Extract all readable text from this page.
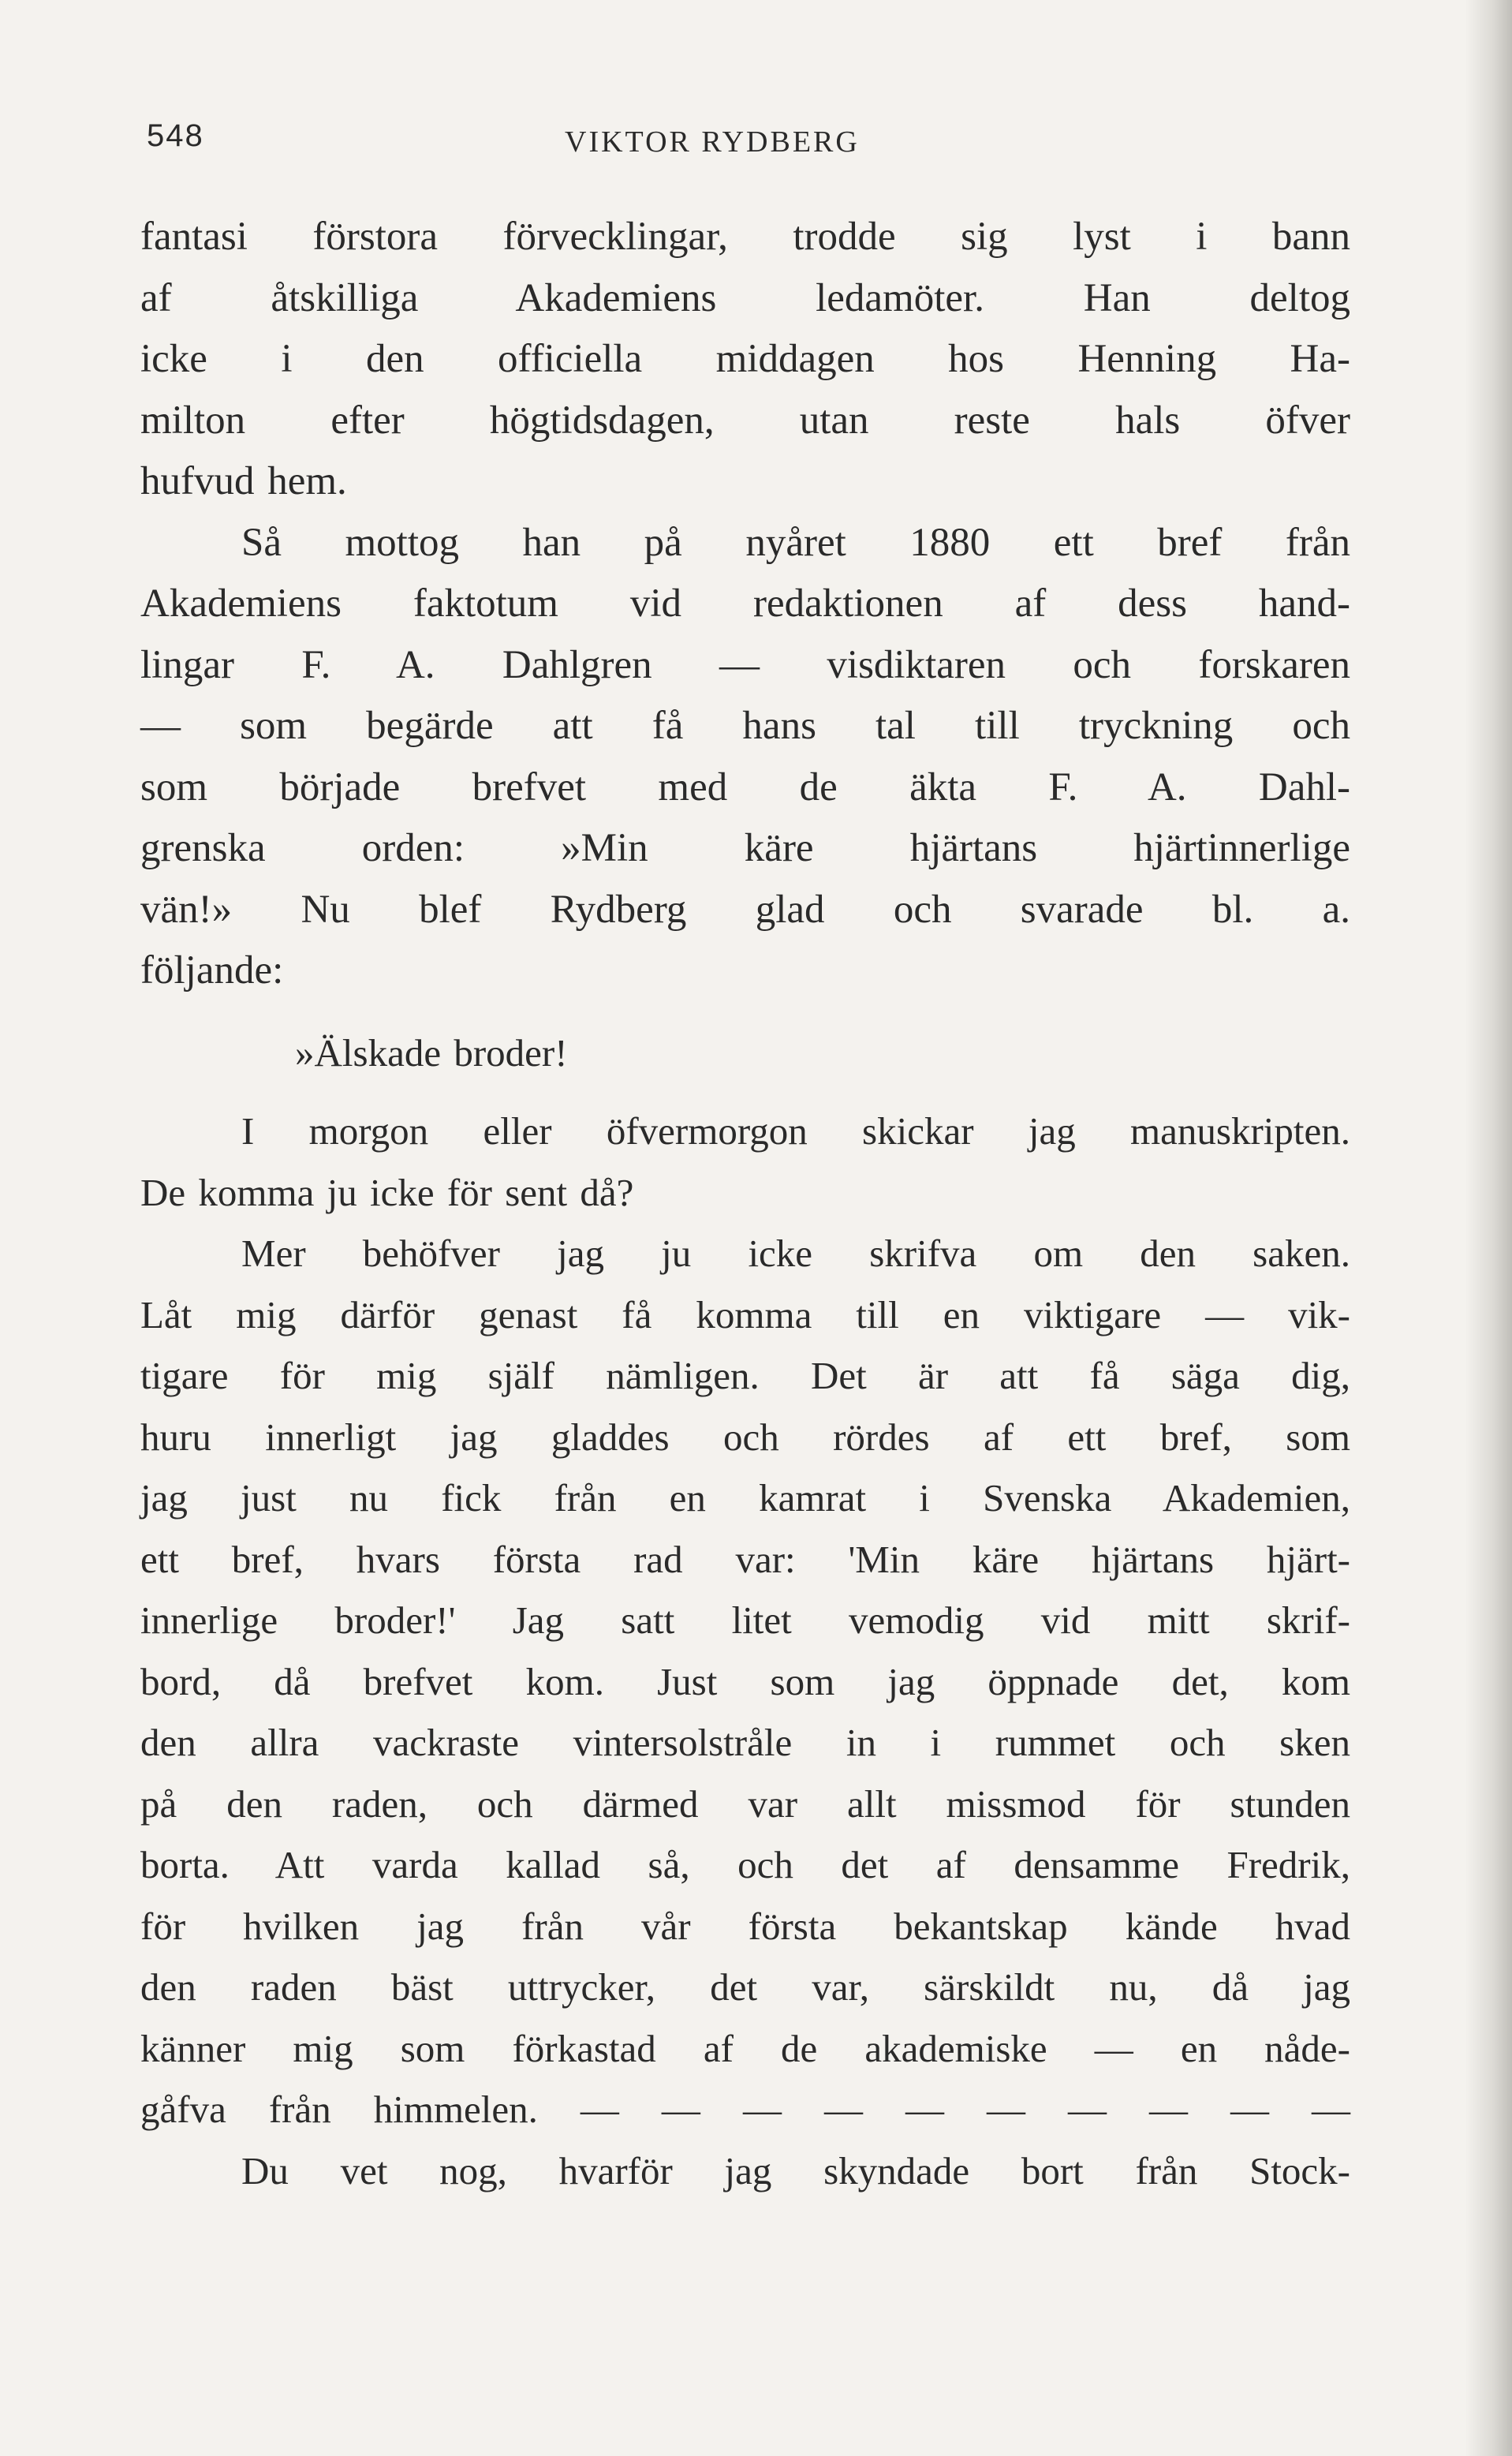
548	VIKTOR RYDBERG
fantasi förstora förvecklingar, trodde sig lyst i bann
af åtskilliga Akademiens ledamöter. Han deltog
icke i den officiella middagen hos Henning Ha-
milton efter högtidsdagen, utan reste hals öfver
hufvud hem.
Så mottog han på nyåret 1880 ett bref från
Akademiens faktotum vid redaktionen af dess hand-
lingar F. A. Dahlgren — visdiktaren och forskaren
— som begärde att få hans tal till tryckning och
som började brefvet med de äkta F. A. Dahl-
grenska orden: »Min käre hjärtans hjärtinnerlige
vän!» Nu blef Rydberg glad och svarade bl. a.
följande:
»Älskade broder!
I morgon eller öfvermorgon skickar jag manuskripten.
De komma ju icke för sent då?
Mer behöfver jag ju icke skrifva om den saken.
Låt mig därför genast få komma till en viktigare — vik-
tigare för mig själf nämligen. Det är att få säga dig,
huru innerligt jag gladdes och rördes af ett bref, som
jag just nu fick från en kamrat i Svenska Akademien,
ett bref, hvars första rad var: 'Min käre hjärtans hjärt-
innerlige broder!' Jag satt litet vemodig vid mitt skrif-
bord, då brefvet kom. Just som jag öppnade det, kom
den allra vackraste vintersolstråle in i rummet och sken
på den raden, och därmed var allt missmod för stunden
borta. Att varda kallad så, och det af densamme Fredrik,
för hvilken jag från vår första bekantskap kände hvad
den raden bäst uttrycker, det var, särskildt nu, då jag
känner mig som förkastad af de akademiske — en nåde-
gåfva från himmelen. — — — — — — — — — —
Du vet nog, hvarför jag skyndade bort från Stock-
